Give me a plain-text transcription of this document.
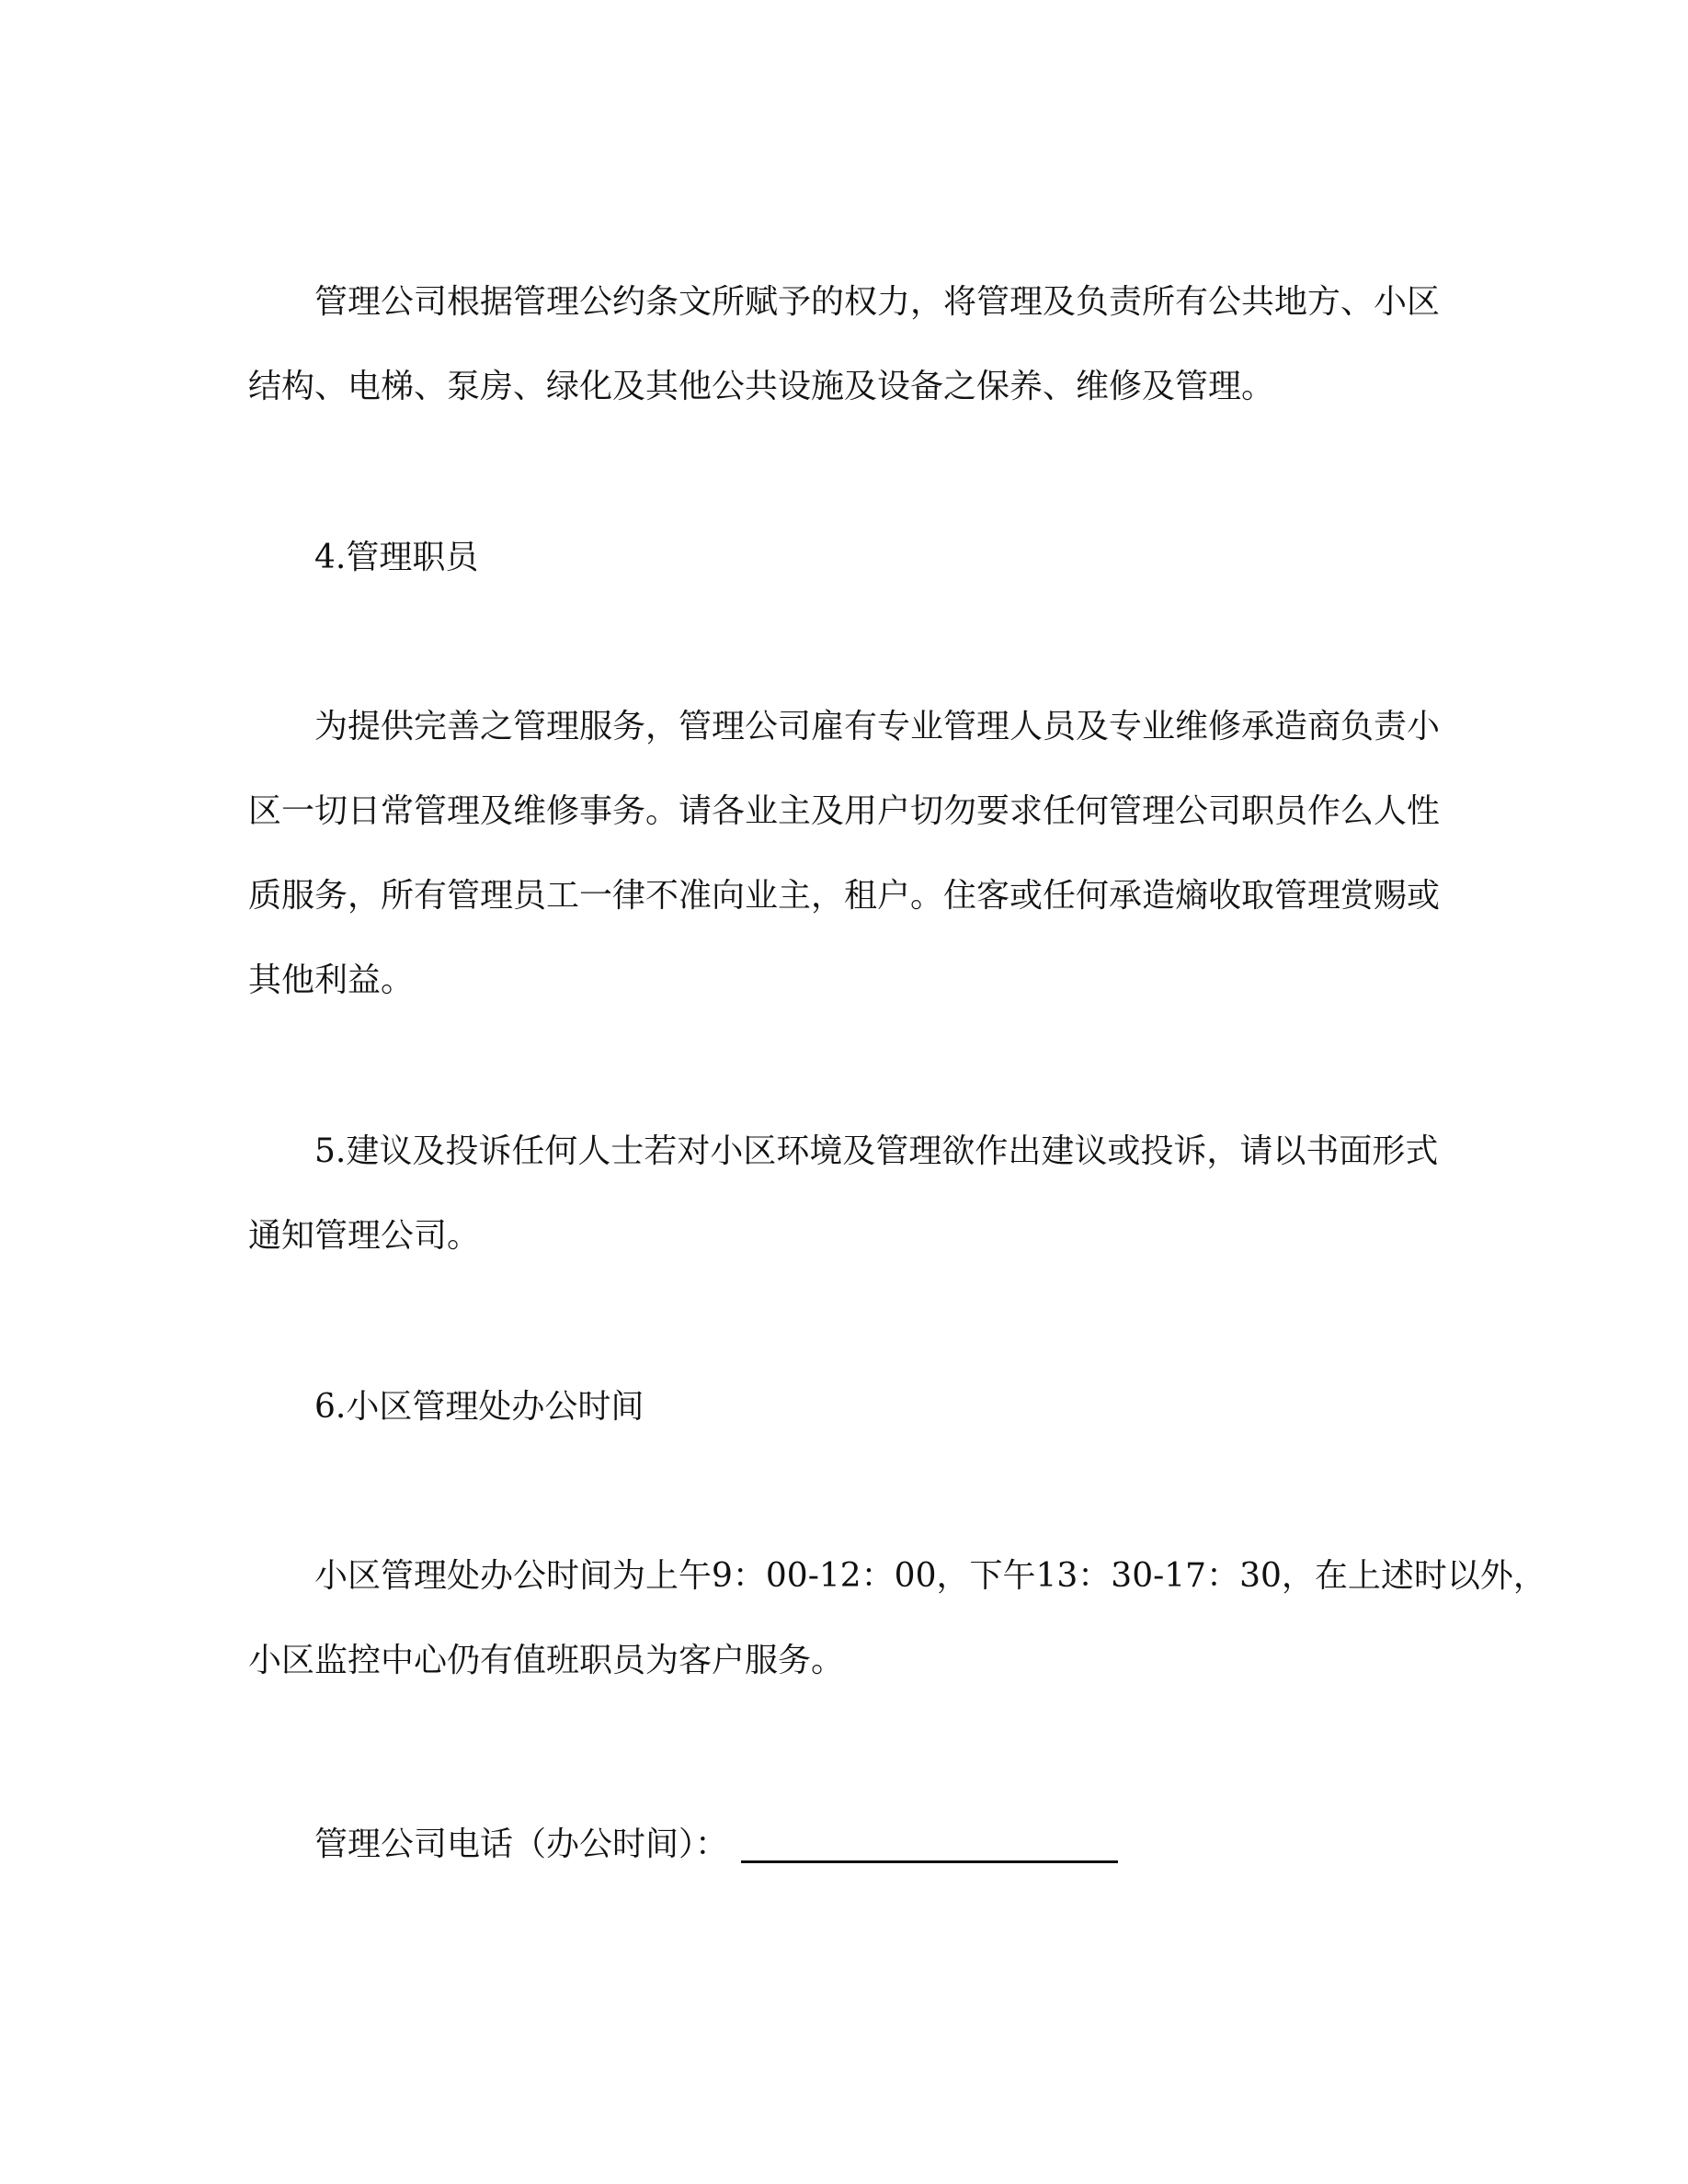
管理公司根据管理公约条文所赋予的权力，将管理及负责所有公共地方、小区

结构、电梯、泵房、绿化及其他公共设施及设备之保养、维修及管理。

4.管理职员

为提供完善之管理服务，管理公司雇有专业管理人员及专业维修承造商负责小

区一切日常管理及维修事务。请各业主及用户切勿要求任何管理公司职员作么人性

质服务，所有管理员工一律不准向业主，租户。住客或任何承造熵收取管理赏赐或

其他利益。

5.建议及投诉任何人士若对小区环境及管理欲作出建议或投诉，请以书面形式

通知管理公司。

6.小区管理处办公时间

小区管理处办公时间为上午9：00-12：00，下午13：30-17：30，在上述时以外，

小区监控中心仍有值班职员为客户服务。

管理公司电话（办公时间）：
